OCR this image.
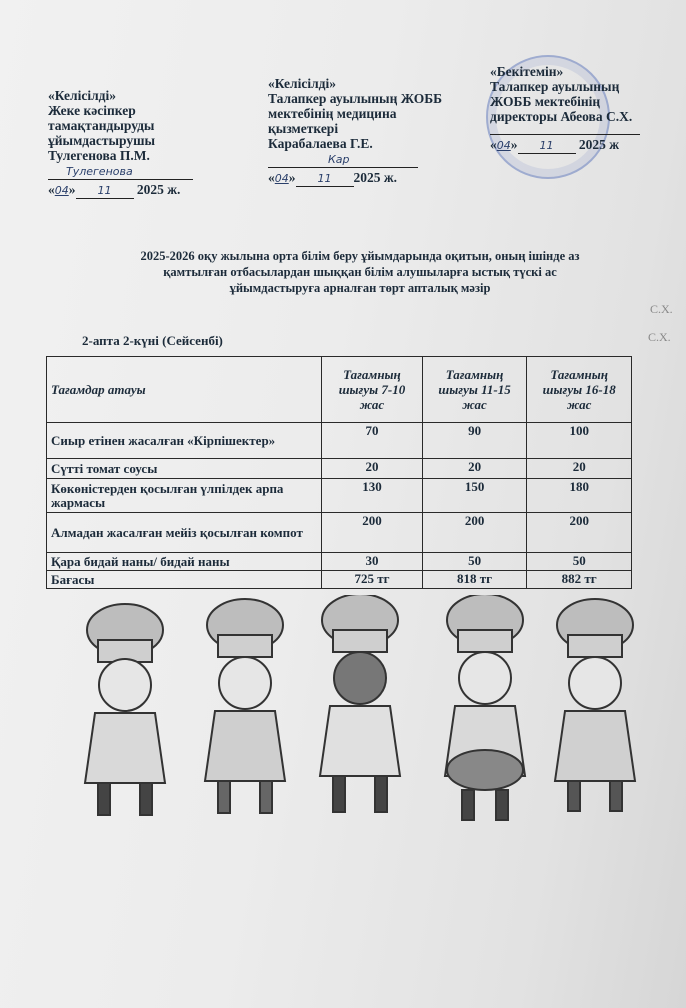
«Келісілді»
Жеке кәсіпкер
тамақтандыруды
ұйымдастырушы
Тулегенова П.М.
Тулегенова
«04» 11 2025 ж.
«Келісілді»
Талапкер ауылының ЖОББ
мектебінің медицина
қызметкері
Карабалаева Г.Е.
Кар
«04» 11 2025 ж.
«Бекітемін»
Талапкер ауылының
ЖОББ мектебінің
директоры Абеова С.Х.
«04» 11 2025 ж
2025-2026 оқу жылына орта білім беру ұйымдарында оқитын, оның ішінде аз
қамтылған отбасылардан шыққан білім алушыларға ыстық түскі ас
ұйымдастыруға арналған төрт апталық мәзір
С.Х.
С.Х.
2-апта 2-күні (Сейсенбі)
Тағамдар атауы	Тағамның шығуы 7-10 жас	Тағамның шығуы 11-15 жас	Тағамның шығуы 16-18 жас
Сиыр етінен жасалған «Кірпішектер»	70	90	100
Сүтті томат соусы	20	20	20
Көкөністерден қосылған үлпілдек арпа жармасы	130	150	180
Алмадан жасалған мейіз қосылған компот	200	200	200
Қара бидай наны/ бидай наны	30	50	50
Бағасы	725 тг	818 тг	882 тг
